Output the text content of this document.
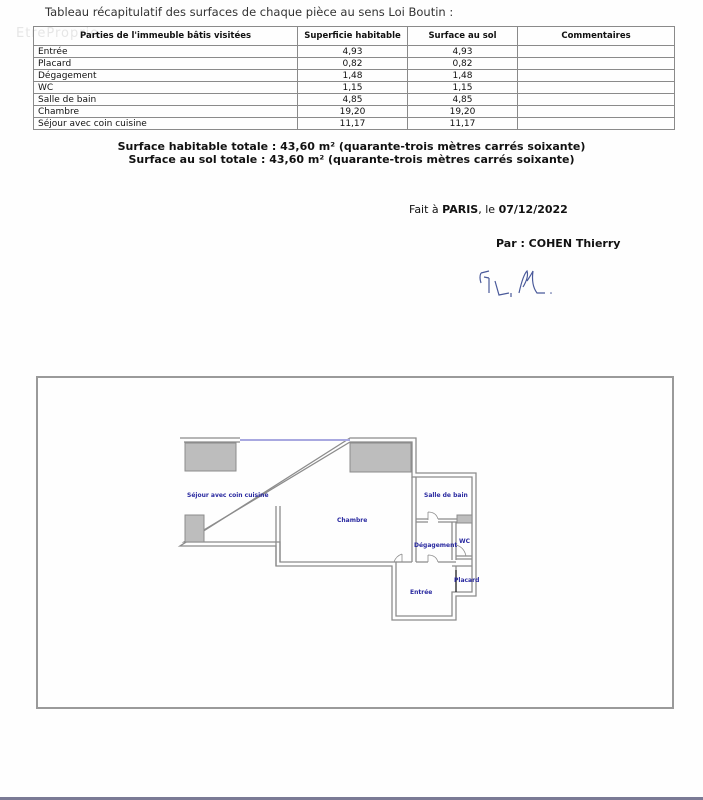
Tableau récapitulatif des surfaces de chaque pièce au sens Loi Boutin :
EtreProprio
Parties de l'immeuble bâtis visitées	Superficie habitable	Surface au sol	Commentaires
Entrée	4,93	4,93	
Placard	0,82	0,82	
Dégagement	1,48	1,48	
WC	1,15	1,15	
Salle de bain	4,85	4,85	
Chambre	19,20	19,20	
Séjour avec coin cuisine	11,17	11,17	
Surface habitable totale : 43,60 m² (quarante-trois mètres carrés soixante)
Surface au sol totale : 43,60 m² (quarante-trois mètres carrés soixante)
Fait à PARIS, le 07/12/2022
Par : COHEN Thierry
Séjour avec coin cuisine
Chambre
Salle de bain
Dégagement
WC
Entrée
Placard
